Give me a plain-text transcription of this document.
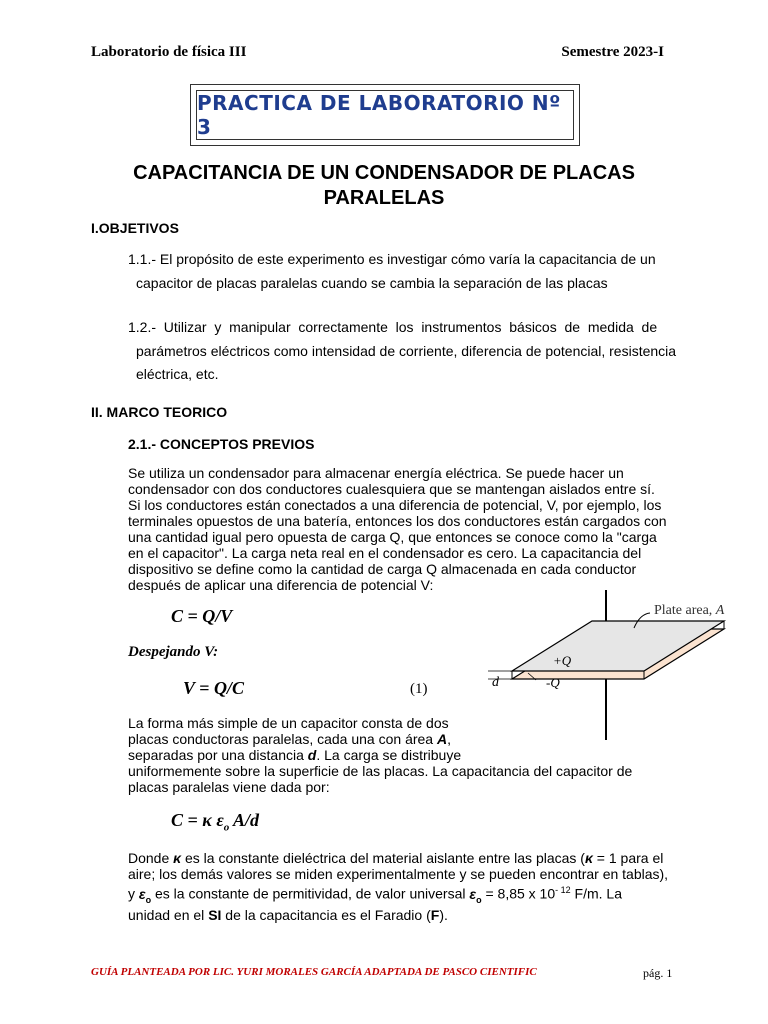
Laboratorio de física III	Semestre 2023-I
PRACTICA DE LABORATORIO Nº 3
CAPACITANCIA DE UN CONDENSADOR DE PLACAS
PARALELAS
I.OBJETIVOS
1.1.- El propósito de este experimento es investigar cómo varía la capacitancia de un
capacitor de placas paralelas cuando se cambia la separación de las placas
1.2.-  Utilizar  y  manipular  correctamente  los  instrumentos  básicos  de  medida  de
parámetros eléctricos como intensidad de corriente, diferencia de potencial, resistencia
eléctrica, etc.
II. MARCO TEORICO
2.1.- CONCEPTOS PREVIOS
Se utiliza un condensador para almacenar energía eléctrica. Se puede hacer un
condensador con dos conductores cualesquiera que se mantengan aislados entre sí.
Si los conductores están conectados a una diferencia de potencial, V, por ejemplo, los
terminales opuestos de una batería, entonces los dos conductores están cargados con
una cantidad igual pero opuesta de carga Q, que entonces se conoce como la "carga
en el capacitor". La carga neta real en el condensador es cero. La capacitancia del
dispositivo se define como la cantidad de carga Q almacenada en cada conductor
después de aplicar una diferencia de potencial V:
C = Q/V
Despejando V:
V = Q/C	(1)
La forma más simple de un capacitor consta de dos
placas conductoras paralelas, cada una con área A,
separadas por una distancia d. La carga se distribuye
uniformemente sobre la superficie de las placas. La capacitancia del capacitor de
placas paralelas viene dada por:
C = κ $\varepsilon_o$ A/d
Donde κ es la constante dieléctrica del material aislante entre las placas (κ = 1 para el
aire; los demás valores se miden experimentalmente y se pueden encontrar en tablas),
y $\varepsilon_o$ es la constante de permitividad, de valor universal $\varepsilon_o = 8,85$ x $10^{- 12}$ F/m. La
unidad en el SI de la capacitancia es el Faradio (F).
Plate area, A
+Q
-Q
d
GUÍA PLANTEADA POR LIC. YURI MORALES GARCÍA ADAPTADA DE PASCO CIENTIFIC	pág. 1
